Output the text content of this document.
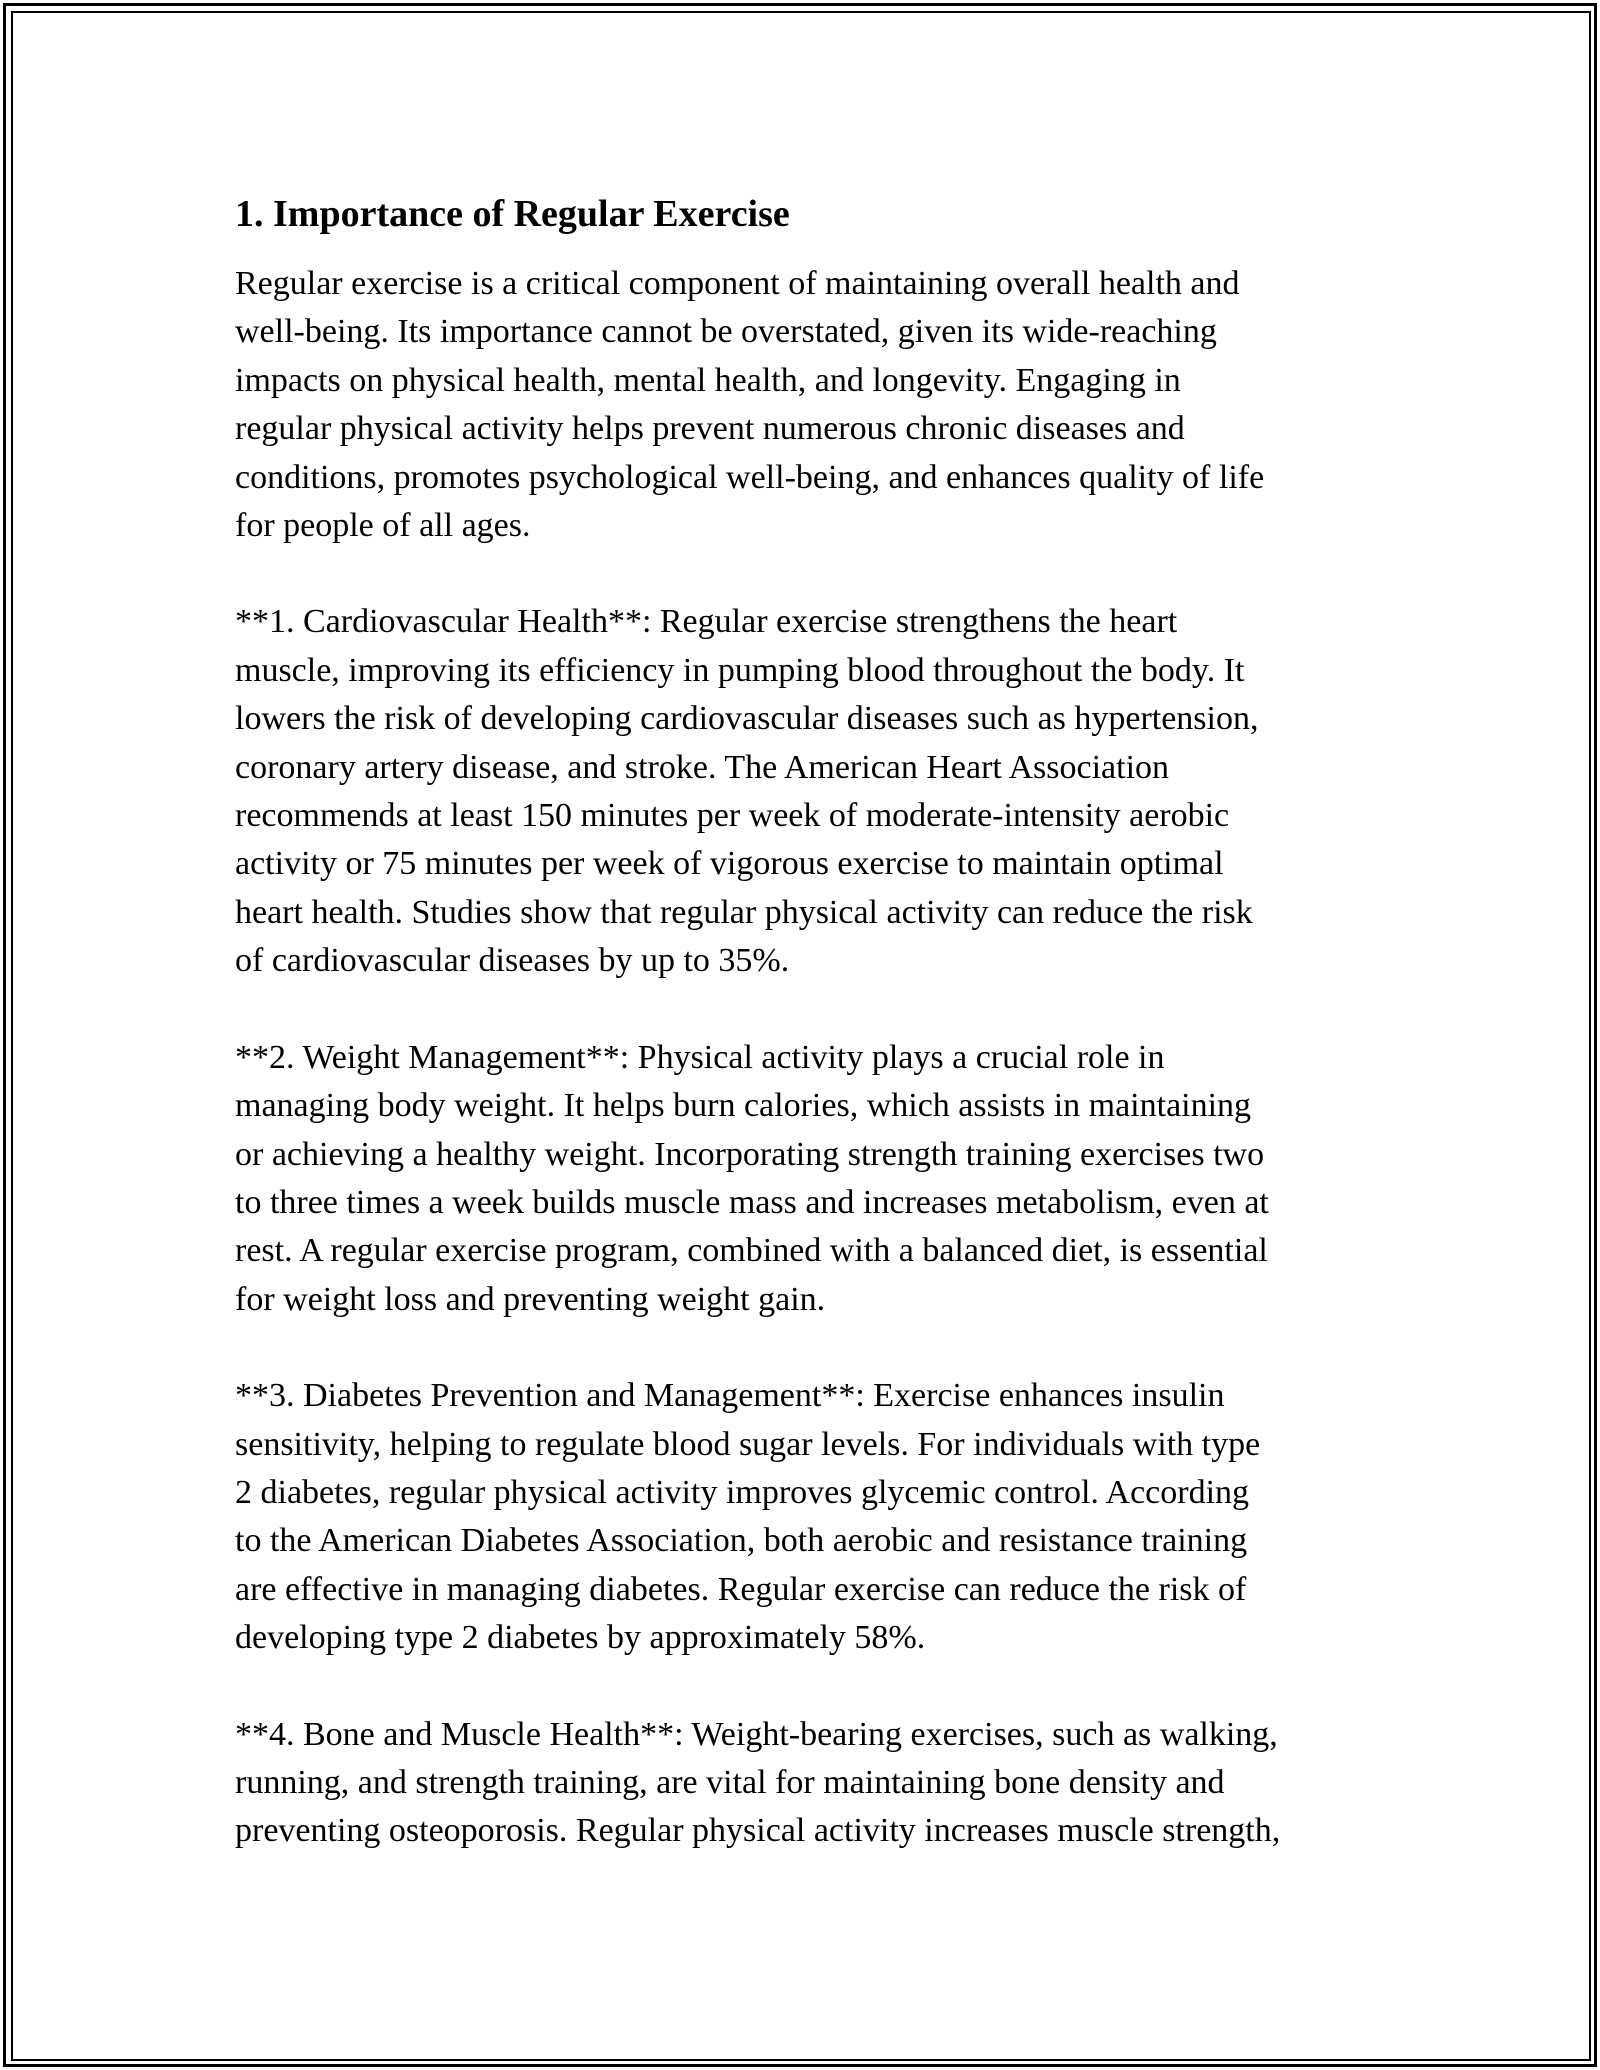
1. Importance of Regular Exercise

Regular exercise is a critical component of maintaining overall health and
well-being. Its importance cannot be overstated, given its wide-reaching
impacts on physical health, mental health, and longevity. Engaging in
regular physical activity helps prevent numerous chronic diseases and
conditions, promotes psychological well-being, and enhances quality of life
for people of all ages.

**1. Cardiovascular Health**: Regular exercise strengthens the heart
muscle, improving its efficiency in pumping blood throughout the body. It
lowers the risk of developing cardiovascular diseases such as hypertension,
coronary artery disease, and stroke. The American Heart Association
recommends at least 150 minutes per week of moderate-intensity aerobic
activity or 75 minutes per week of vigorous exercise to maintain optimal
heart health. Studies show that regular physical activity can reduce the risk
of cardiovascular diseases by up to 35%.

**2. Weight Management**: Physical activity plays a crucial role in
managing body weight. It helps burn calories, which assists in maintaining
or achieving a healthy weight. Incorporating strength training exercises two
to three times a week builds muscle mass and increases metabolism, even at
rest. A regular exercise program, combined with a balanced diet, is essential
for weight loss and preventing weight gain.

**3. Diabetes Prevention and Management**: Exercise enhances insulin
sensitivity, helping to regulate blood sugar levels. For individuals with type
2 diabetes, regular physical activity improves glycemic control. According
to the American Diabetes Association, both aerobic and resistance training
are effective in managing diabetes. Regular exercise can reduce the risk of
developing type 2 diabetes by approximately 58%.

**4. Bone and Muscle Health**: Weight-bearing exercises, such as walking,
running, and strength training, are vital for maintaining bone density and
preventing osteoporosis. Regular physical activity increases muscle strength,
